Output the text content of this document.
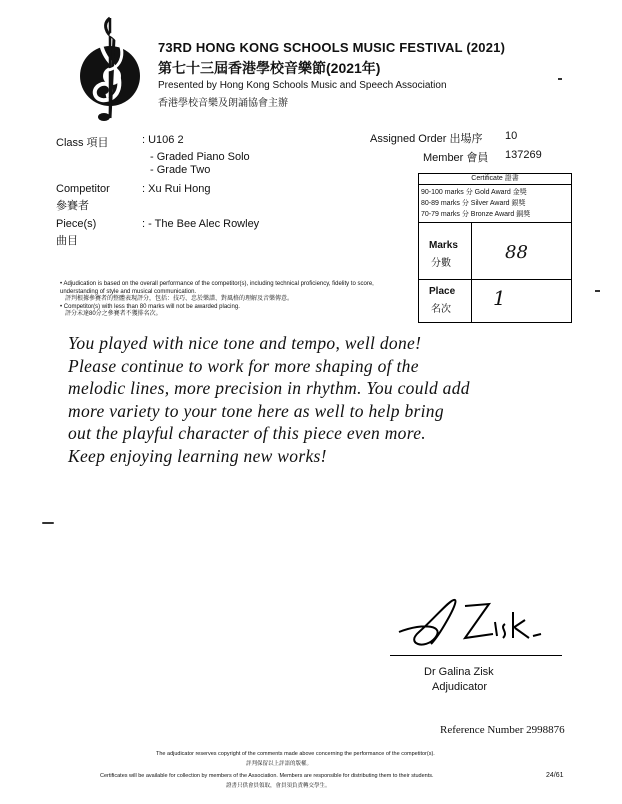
73RD HONG KONG SCHOOLS MUSIC FESTIVAL (2021)
第七十三屆香港學校音樂節(2021年)
Presented by Hong Kong Schools Music and Speech Association
香港學校音樂及朗誦協會主辦
Class 項目	: U106 2
- Graded Piano Solo
- Grade Two
Assigned Order 出場序 10
Member 會員 137269
Competitor
參賽者
: Xu Rui Hong
Piece(s)
曲目
: - The Bee Alec Rowley
Certificate 證書
90-100 marks 分 Gold Award 金獎
80-89 marks 分 Silver Award 銀獎
70-79 marks 分 Bronze Award 銅獎
Marks
分數
88
Place
名次 1
• Adjudication is based on the overall performance of the competitor(s), including technical proficiency, fidelity to score, understanding of style and musical communication.
評判根據參賽者的整體表現評分，包括：技巧、忠於樂譜、對風格的理解及音樂傳意。
• Competitor(s) with less than 80 marks will not be awarded placing.
評分未達80分之參賽者不獲排名次。
You played with nice tone and tempo, well done!
Please continue to work for more shaping of the
melodic lines, more precision in rhythm. You could add
more variety to your tone here as well to help bring
out the playful character of this piece even more.
Keep enjoying learning new works!
Dr Galina Zisk
Adjudicator
Reference Number 2998876
The adjudicator reserves copyright of the comments made above concerning the performance of the competitor(s).
評判保留以上評語的版權。
Certificates will be available for collection by members of the Association. Members are responsible for distributing them to their students.
證書只供會員領取，會員須負責轉交學生。
24/61
